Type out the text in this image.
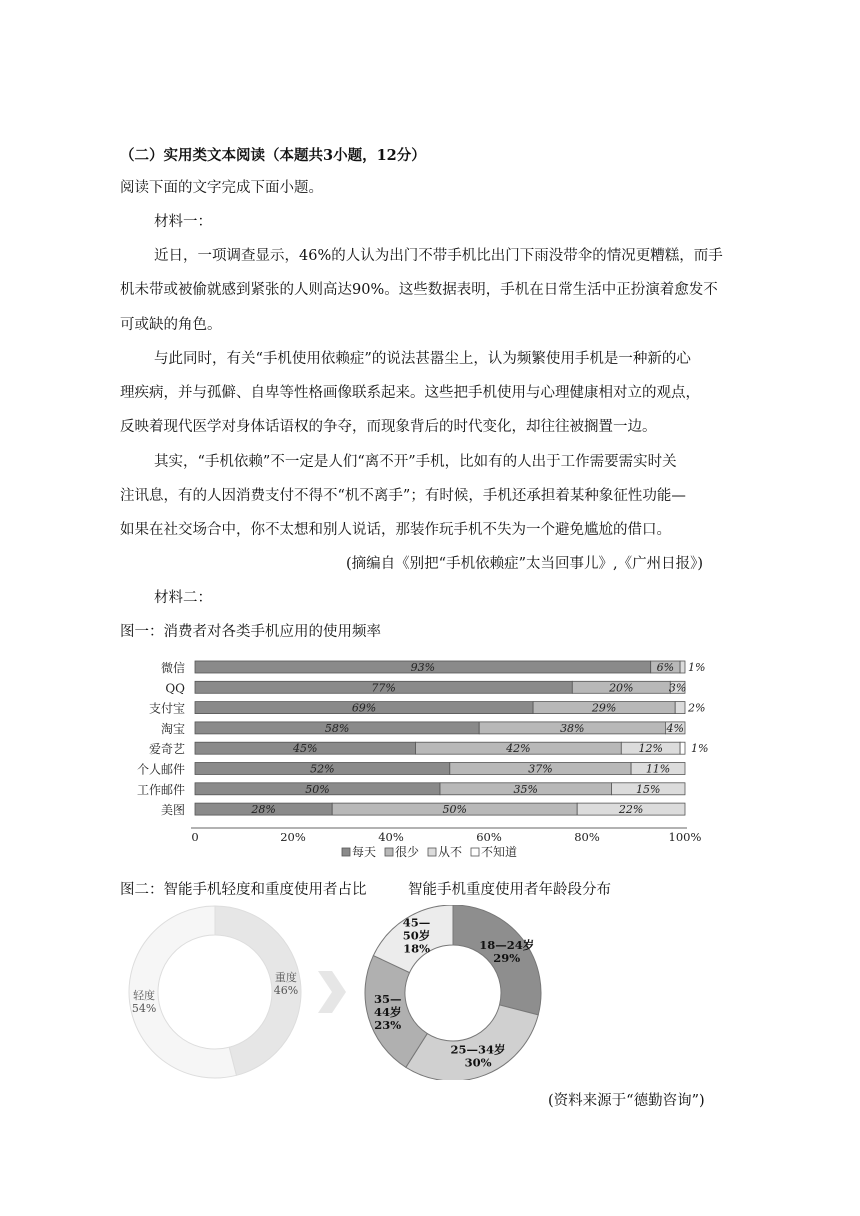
（二）实用类文本阅读（本题共3小题，12分）
阅读下面的文字完成下面小题。
材料一：
近日，一项调查显示，46%的人认为出门不带手机比出门下雨没带伞的情况更糟糕，而手
机未带或被偷就感到紧张的人则高达90%。这些数据表明，手机在日常生活中正扮演着愈发不
可或缺的角色。
与此同时，有关“手机使用依赖症”的说法甚嚣尘上，认为频繁使用手机是一种新的心
理疾病，并与孤僻、自卑等性格画像联系起来。这些把手机使用与心理健康相对立的观点，
反映着现代医学对身体话语权的争夺，而现象背后的时代变化，却往往被搁置一边。
其实，“手机依赖”不一定是人们“离不开”手机，比如有的人出于工作需要需实时关
注讯息，有的人因消费支付不得不“机不离手”；有时候，手机还承担着某种象征性功能—
如果在社交场合中，你不太想和别人说话，那装作玩手机不失为一个避免尴尬的借口。
(摘编自《别把“手机依赖症”太当回事儿》,《广州日报》)
材料二：
图一：消费者对各类手机应用的使用频率
微信	93%	6% 1%
QQ	77%	20%	3%
支付宝	69%	29%	2%
淘宝	58%	38%	4%
爱奇艺	45%	42%	12%	1%
个人邮件	52%	37%	11%
工作邮件	50%	35%	15%
美图	28%	50%	22%
0	20%	40%	60%	80%	100%
每天 很少 从不 不知道
图二：智能手机轻度和重度使用者占比	智能手机重度使用者年龄段分布
重度
46%
轻度
54%
18—24岁
29%
25—34岁
30%
35—
44岁
23%
45—
50岁
18%
(资料来源于“德勤咨询”)
